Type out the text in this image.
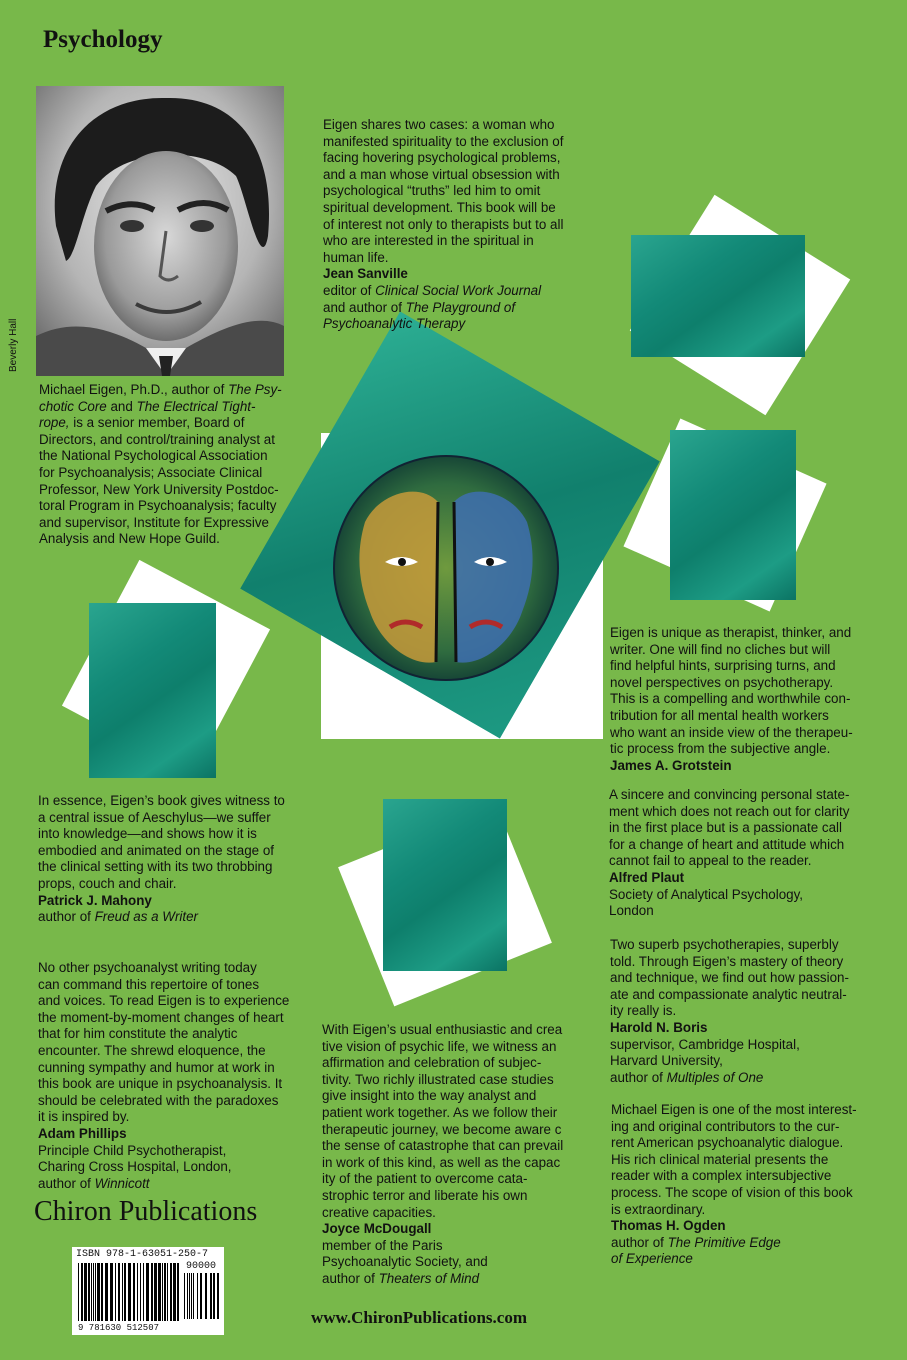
Psychology
Beverly Hall
Michael Eigen, Ph.D., author of The Psy-
chotic Core and The Electrical Tight-
rope, is a senior member, Board of
Directors, and control/training analyst at
the National Psychological Association
for Psychoanalysis; Associate Clinical
Professor, New York University Postdoc-
toral Program in Psychoanalysis; faculty
and supervisor, Institute for Expressive
Analysis and New Hope Guild.
Eigen shares two cases: a woman who
manifested spirituality to the exclusion of
facing hovering psychological problems,
and a man whose virtual obsession with
psychological “truths” led him to omit
spiritual development. This book will be
of interest not only to therapists but to all
who are interested in the spiritual in
human life.
Jean Sanville
editor of Clinical Social Work Journal
and author of The Playground of
Psychoanalytic Therapy
Eigen is unique as therapist, thinker, and
writer. One will find no cliches but will
find helpful hints, surprising turns, and
novel perspectives on psychotherapy.
This is a compelling and worthwhile con-
tribution for all mental health workers
who want an inside view of the therapeu-
tic process from the subjective angle.
James A. Grotstein
A sincere and convincing personal state-
ment which does not reach out for clarity
in the first place but is a passionate call
for a change of heart and attitude which
cannot fail to appeal to the reader.
Alfred Plaut
Society of Analytical Psychology,
London
Two superb psychotherapies, superbly
told. Through Eigen’s mastery of theory
and technique, we find out how passion-
ate and compassionate analytic neutral-
ity really is.
Harold N. Boris
supervisor, Cambridge Hospital,
Harvard University,
author of Multiples of One
Michael Eigen is one of the most interest-
ing and original contributors to the cur-
rent American psychoanalytic dialogue.
His rich clinical material presents the
reader with a complex intersubjective
process. The scope of vision of this book
is extraordinary.
Thomas H. Ogden
author of The Primitive Edge
of Experience
In essence, Eigen’s book gives witness to
a central issue of Aeschylus—we suffer
into knowledge—and shows how it is
embodied and animated on the stage of
the clinical setting with its two throbbing
props, couch and chair.
Patrick J. Mahony
author of Freud as a Writer
No other psychoanalyst writing today
can command this repertoire of tones
and voices. To read Eigen is to experience
the moment-by-moment changes of heart
that for him constitute the analytic
encounter. The shrewd eloquence, the
cunning sympathy and humor at work in
this book are unique in psychoanalysis. It
should be celebrated with the paradoxes
it is inspired by.
Adam Phillips
Principle Child Psychotherapist,
Charing Cross Hospital, London,
author of Winnicott
With Eigen’s usual enthusiastic and crea
tive vision of psychic life, we witness an
affirmation and celebration of subjec-
tivity. Two richly illustrated case studies
give insight into the way analyst and
patient work together. As we follow their
therapeutic journey, we become aware c
the sense of catastrophe that can prevail
in work of this kind, as well as the capac
ity of the patient to overcome cata-
strophic terror and liberate his own
creative capacities.
Joyce McDougall
member of the Paris
Psychoanalytic Society, and
author of Theaters of Mind
Chiron Publications
www.ChironPublications.com
ISBN 978-1-63051-250-7
90000
9 781630 512507
